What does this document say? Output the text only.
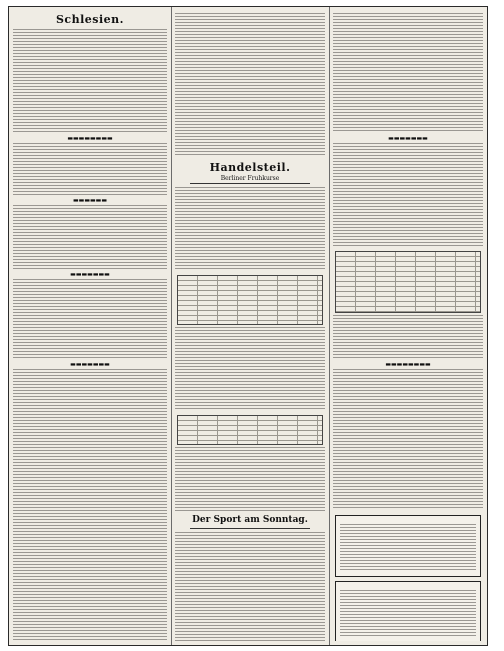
Schlesien.
▬▬▬▬▬▬▬▬
▬▬▬▬▬▬
▬▬▬▬▬▬▬
▬▬▬▬▬▬▬
Handelsteil.
Berliner Fruhkurse
Der Sport am Sonntag.
▬▬▬▬▬▬▬
▬▬▬▬▬▬▬▬
